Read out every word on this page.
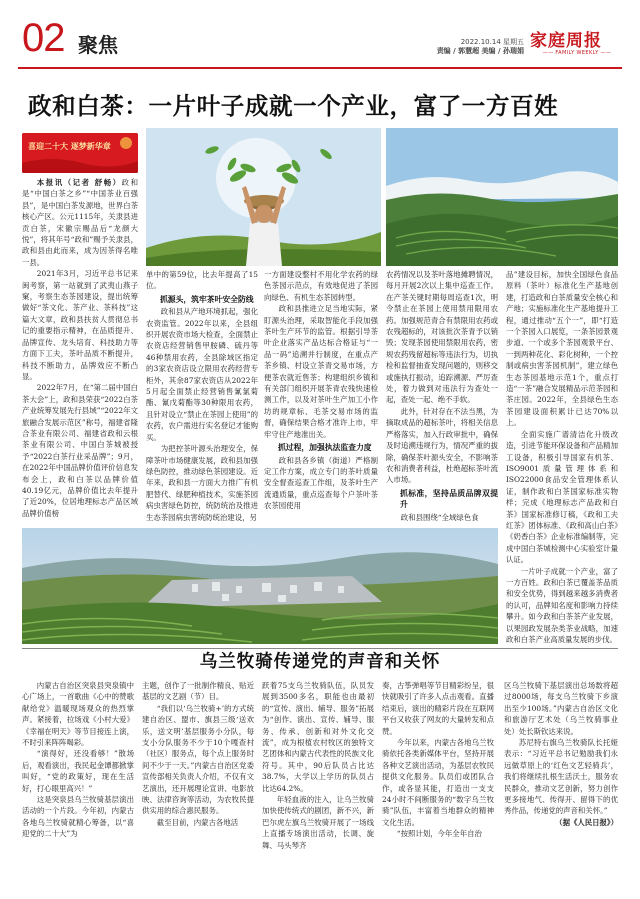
02 聚焦	2022.10.14 星期五
责编 / 郭慧超 美编 / 孙瑞娟 家庭周报
—— FAMILY WEEKLY ——
政和白茶：一片叶子成就一个产业，富了一方百姓
喜迎二十大 逐梦新华章

本报讯（记者 舒畅）政和是“中国白茶之乡”“中国茶业百强县”，是中国白茶发源地，世界白茶核心产区。公元1115年，关隶县进贡白茶，宋徽宗赐品后“龙颜大悦”，将其年号“政和”赐予关隶县，政和县由此而来，成为因茶得名唯一县。

2021年3月，习近平总书记来闽考察，第一站就到了武夷山燕子窠，考察生态茶园建设，提出统筹做好“茶文化、茶产业、茶科技”这篇大文章，政和县扶贫人贯彻总书记的重要指示精神，在品质提升、品牌宣传、龙头培育、科技助力等方面下工夫，茶叶品质不断提升，科技不断助力，品牌效应不断凸显。

2022年7月，在“第二届中国白茶大会”上，政和县荣获“2022白茶产业统筹发展先行县域”“2022年文旅融合发展示范区”称号，福建省隆合茶业有限公司、福建省政和云根茶业有限公司、中国白茶城被授予“2022白茶行业采品牌”；9月，在2022年中国品牌价值评价信息发布会上，政和白茶以品牌价值40.19亿元，品牌价值比去年提升了近20%，位居地理标志产品区域品牌价值榜

单中的第59位，比去年提高了15位。

抓源头，筑牢茶叶安全防线

政和县从产地环境抓起，强化农资监管。2022年以来，全县组织开展农资市场大检查，全面禁止农资店经营销售甲胺磷、硫丹等46种禁用农药，全县除域区指定的3家农资店设立限用农药经营专柜外，其余87家农资店从2022年5月起全面禁止经营销售氰氯菊酯、氰戊菊酯等30种限用农药，且针对设立“禁止在茶园上使用”的农药，农户需进行实名登记才能购买。

为把控茶叶源头治理安全，保障茶叶市场健康发展，政和县加强绿色防控，推动绿色茶园建设。近年来，政和县一方面大力推广有机肥替代、绿肥种植技术，实施茶园病虫害绿色防控，统防统治及推进生态茶园病虫害统防统治建设，另

一方面建设整村不用化学农药的绿色茶园示范点，有效地促进了茶园向绿色、有机生态茶园转型。

政和县推进立足当地实际，紧盯源头治理，采取智能化手段加强茶叶生产环节的监管。根据引导茶叶企业落实产品达标合格证与“一品一码”追溯并行制度，在重点产茶乡镇、村设立茶青交易市场，方便茶农就近售茶；构建组织乡镇和有关部门组织开展茶青农残快速检测工作，以及对茶叶生产加工小作坊的规章标、毛茶交易市场的监督，确保结果合格才准许上市，牢牢守住产地准出关。

抓过程，加强执法监查力度

政和县各乡镇（街道）严格制定工作方案，成立专门的茶叶质量安全督查巡查工作组，及茶叶生产流通质量，重点巡查每个户茶叶茶农茶园使用

农药情况以及茶叶落地摊聘情况，每月开展2次以上集中巡查工作。在产茶关键时期每周巡查1次，明令禁止在茶园上使用禁用限用农药。加强规范青合有禁限用农药或农残超标的，对该批次茶青予以销毁；发现茶园使用禁限用农药，密规农药残留超标等违法行为，切执检和监督抽查发现问题的，则移交或施执打振动，追踪溯源、严厉查处，着力做到对违法行为查处一起，查处一起、绝不手软。

此外，针对存在不法当黑，为摘取成品的超标茶叶，将相关信息严格落实，加入行政审批中，确保及时追溯违规行为，情况严重的拔除，确保茶叶源头安全，不影响茶农和消费者利益，杜绝超标茶叶流入市场。

抓标准，坚持品质品牌双提升

政和县围绕“全域绿色食

品”建设目标，加快全国绿色食品原料（茶叶）标准化生产基地创建，打造政和白茶质量安全核心和产地；实施标准化生产基地提升工程，通过推动“五个一”，即“打造一个茶园入口展览，一条茶园景观步道、一个或多个茶园观景平台、一到两种花化、彩化树种，一个控制或病虫害茶园机制”，建立绿色生态茶园基地示范1个，重点打造“一茶”融合发展精品示范茶园和茶庄园。2022年，全县绿色生态茶园建设面积累计已达70%以上。

全面实施广谱清洁化升级改造，引进节能环保设备和产品精加工设备，积极引导国家有机茶、ISO9001质量管理体系和ISO22000食品安全管理体系认证，制作政和白茶国家标准实物样；完成《地理标志产品政和白茶》国家标准修订稿，《政和工夫红茶》团体标准、《政和高山白茶》《奶香白茶》企业标准编制等，完成中国白茶城检测中心实验室计量认证。

一片叶子成就一个产业，富了一方百姓。政和白茶已覆盖茶品质和安全优势，得到越来越多消费者的认可，品牌知名度和影响力持续攀升。如今政和白茶茶产业发展，以果园政发展杂类茶业战略，加速政和白茶产业高质量发展的步伐。

乌兰牧骑传递党的声音和关怀

内蒙古自治区突泉县突泉镇中心广场上，一首歌曲《心中的赞歌献给党》温暖现场观众的热烈掌声。紧接着，拉场戏《小村大爱》《幸福在明天》等节目接连上演，不时引来阵阵喝彩。

“演得好，还没看够！”散场后，观看演出，我民起金谭都掀掌叫好，“党的政策好，现在生活好，打心眼里高兴！”

这是突泉县乌兰牧骑基层演出活动的一个片段。今年初，内蒙古各地乌兰牧骑就精心筹备，以“喜迎党的二十大”为

主题，创作了一批制作精良、贴近基层的文艺剧（节）目。

“我们以‘乌兰牧骑+’的方式统建自治区、盟市、旗县三级‘送欢乐，送文明’基层服务小分队，每支小分队服务不少于10个嘎查村（社区）服务点，每个点上服务时间不少于一天。”内蒙古自治区党委宣传部相关负责人介绍，不仅有文艺演出，还开展理论宣讲、电影放映、法律咨询等活动，为农牧民提供实用的综合惠民服务。

截至目前，内蒙古各地活

跃着75支乌兰牧骑队伍，队员发展到3500多名，职能也由最初的“宣传、演出、辅导、服务”拓展为“创作、演出、宣传、辅导、服务、传承、创新和对外文化交流”，成为根植农村牧区的独特文艺团体和内蒙古代表性的民族文化符号。其中，90后队员占比达38.7%，大学以上学历的队员占比达64.2%。

年轻血液的注入，让乌兰牧骑加快使传统式的剧团，新不兴，新巴尔虎左旗乌兰牧骑开展了一场线上直播专场演出活动，长调、旋舞、马头琴齐

奏，古筝弹唱等节目精彩纷呈，很快就吸引了许多人点击观看。直播结束后，演出的精彩片段在互联网平台又收获了网友的大量转发和点赞。

今年以来，内蒙古各地乌兰牧骑依托各类新媒体平台，坚持开展各种文艺演出活动，为基层农牧民提供文化服务。队员们或团队合作，或各显其能，打造出一支支24小时不间断服务的“数字乌兰牧骑”队伍，丰富着当地群众的精神文化生活。

“按照计划，今年全年自治

区乌兰牧骑下基层演出总场数将超过8000场，每支乌兰牧骑下乡演出至少100场。”内蒙古自治区文化和旅游厅艺术处（乌兰牧骑事业处）处长斯钦达来说。

苏尼特右旗乌兰牧骑队长托娅表示：“习近平总书记勉励我们永远做草原上的‘红色文艺轻骑兵’，我们将继续扎根生活沃土，服务农民群众，推动文艺创新，努力创作更多接地气、传得开、留得下的优秀作品，传递党的声音和关怀。”

（据《人民日报》）
